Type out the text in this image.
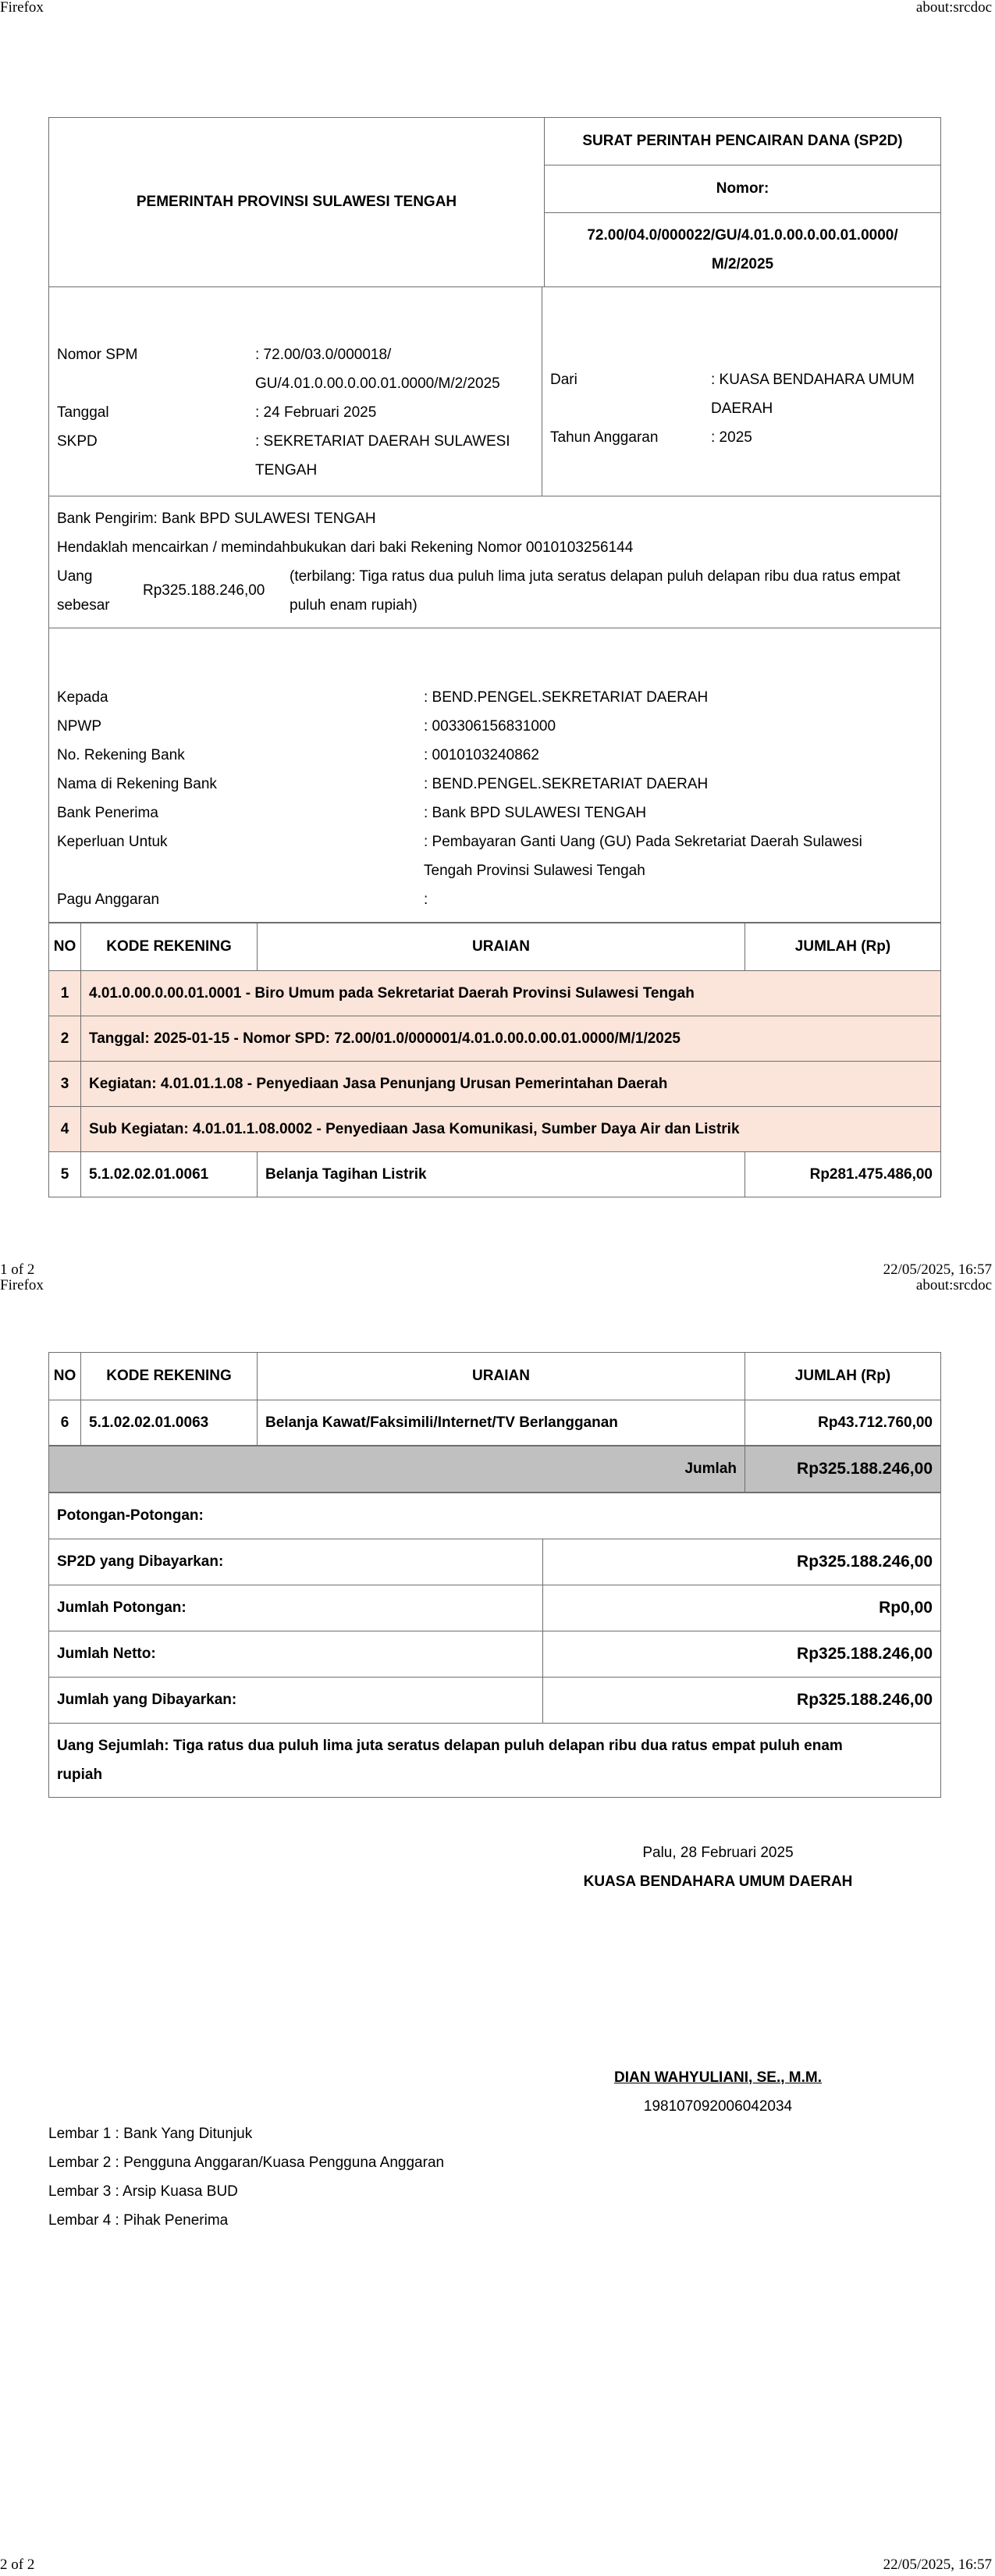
Firefox	about:srcdoc
PEMERINTAH PROVINSI SULAWESI TENGAH	SURAT PERINTAH PENCAIRAN DANA (SP2D)
Nomor:
72.00/04.0/000022/GU/4.01.0.00.0.00.01.0000/
M/2/2025
Nomor SPM	: 72.00/03.0/000018/
GU/4.01.0.00.0.00.01.0000/M/2/2025
Tanggal	: 24 Februari 2025
SKPD	: SEKRETARIAT DAERAH SULAWESI
TENGAH
Dari	: KUASA BENDAHARA UMUM
DAERAH
Tahun Anggaran	: 2025
Bank Pengirim: Bank BPD SULAWESI TENGAH
Hendaklah mencairkan / memindahbukukan dari baki Rekening Nomor 0010103256144
Uang
sebesar
Rp325.188.246,00
(terbilang: Tiga ratus dua puluh lima juta seratus delapan puluh delapan ribu dua ratus empat
puluh enam rupiah)
Kepada	: BEND.PENGEL.SEKRETARIAT DAERAH
NPWP	: 003306156831000
No. Rekening Bank	: 0010103240862
Nama di Rekening Bank	: BEND.PENGEL.SEKRETARIAT DAERAH
Bank Penerima	: Bank BPD SULAWESI TENGAH
Keperluan Untuk	: Pembayaran Ganti Uang (GU) Pada Sekretariat Daerah Sulawesi
Tengah Provinsi Sulawesi Tengah
Pagu Anggaran	:
NO	KODE REKENING	URAIAN	JUMLAH (Rp)
1	4.01.0.00.0.00.01.0001 - Biro Umum pada Sekretariat Daerah Provinsi Sulawesi Tengah		
2	Tanggal: 2025-01-15 - Nomor SPD: 72.00/01.0/000001/4.01.0.00.0.00.01.0000/M/1/2025		
3	Kegiatan: 4.01.01.1.08 - Penyediaan Jasa Penunjang Urusan Pemerintahan Daerah		
4	Sub Kegiatan: 4.01.01.1.08.0002 - Penyediaan Jasa Komunikasi, Sumber Daya Air dan Listrik		
5	5.1.02.02.01.0061	Belanja Tagihan Listrik	Rp281.475.486,00
1 of 2	22/05/2025, 16:57
Firefox	about:srcdoc
NO	KODE REKENING	URAIAN	JUMLAH (Rp)
6	5.1.02.02.01.0063	Belanja Kawat/Faksimili/Internet/TV Berlangganan	Rp43.712.760,00
Jumlah	Rp325.188.246,00
Potongan-Potongan:	
SP2D yang Dibayarkan:	Rp325.188.246,00
Jumlah Potongan:	Rp0,00
Jumlah Netto:	Rp325.188.246,00
Jumlah yang Dibayarkan:	Rp325.188.246,00
Uang Sejumlah: Tiga ratus dua puluh lima juta seratus delapan puluh delapan ribu dua ratus empat puluh enam
rupiah	
Palu, 28 Februari 2025
KUASA BENDAHARA UMUM DAERAH
DIAN WAHYULIANI, SE., M.M.
198107092006042034
Lembar 1 : Bank Yang Ditunjuk
Lembar 2 : Pengguna Anggaran/Kuasa Pengguna Anggaran
Lembar 3 : Arsip Kuasa BUD
Lembar 4 : Pihak Penerima
2 of 2	22/05/2025, 16:57
